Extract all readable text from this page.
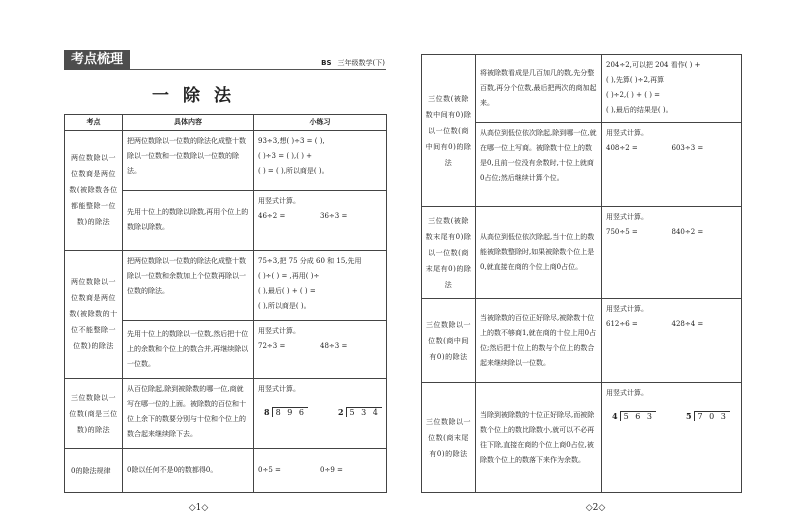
考点梳理	BS 三年级数学(下)
一除法
考点	具体内容	小练习
两位数除以一位数商是两位数(被除数各位都能整除一位数)的除法	把两位数除以一位数的除法化成整十数除以一位数和一位数除以一位数的除法。	93÷3,想( )÷3 = ( ),
( )÷3 = ( ),( ) +
( ) = ( ),所以商是( )。

	先用十位上的数除以除数,再用个位上的数除以除数。	用竖式计算。
46÷2 = 36÷3 =

两位数除以一位数商是两位数(被除数的十位不能整除一位数)的除法	把两位数除以一位数的除法化成整十数除以一位数和余数加上个位数再除以一位数的除法。	75÷3,把 75 分成 60 和 15,先用
( )÷( ) = ,再用( )÷
( ),最后( ) + ( ) =
( ),所以商是( )。

	先用十位上的数除以一位数,然后把十位上的余数和个位上的数合并,再继续除以一位数。	用竖式计算。
72÷3 = 48÷3 =

三位数除以一位数(商是三位数)的除法	从百位除起,除到被除数的哪一位,商就写在哪一位的上面。被除数的百位和十位上余下的数要分别与十位和个位上的数合起来继续除下去。	用竖式计算。
8 8 9 6 2 5 3 4

0的除法规律	0除以任何不是0的数都得0。	0÷5 = 0÷9 =
◇1◇
三位数(被除数中间有0)除以一位数(商中间有0)的除法	将被除数看成是几百加几的数,先分整百数,再分个位数,最后把两次的商加起来。	204÷2,可以把 204 看作( ) +
( ),先算( )÷2,再算
( )÷2,( ) + ( ) =
( ),最后的结果是( )。

	从高位到低位依次除起,除到哪一位,就在哪一位上写商。被除数十位上的数是0,且前一位没有余数时,十位上就商0占位;然后继续计算个位。	用竖式计算。
408÷2 = 603÷3 =

三位数(被除数末尾有0)除以一位数(商末尾有0)的除法	从高位到低位依次除起,当十位上的数能被除数整除时,如果被除数个位上是0,就直接在商的个位上商0占位。	用竖式计算。
750÷5 = 840÷2 =

三位数除以一位数(商中间有0)的除法	当被除数的百位正好除尽,被除数十位上的数不够商1,就在商的十位上用0占位;然后把十位上的数与个位上的数合起来继续除以一位数。	用竖式计算。
612÷6 = 428÷4 =

三位数除以一位数(商末尾有0)的除法	当除到被除数的十位正好除尽,而被除数个位上的数比除数小,就可以不必再往下除,直接在商的个位上商0占位,被除数个位上的数落下来作为余数。	用竖式计算。
4 5 6 3 5 7 0 3
◇2◇
